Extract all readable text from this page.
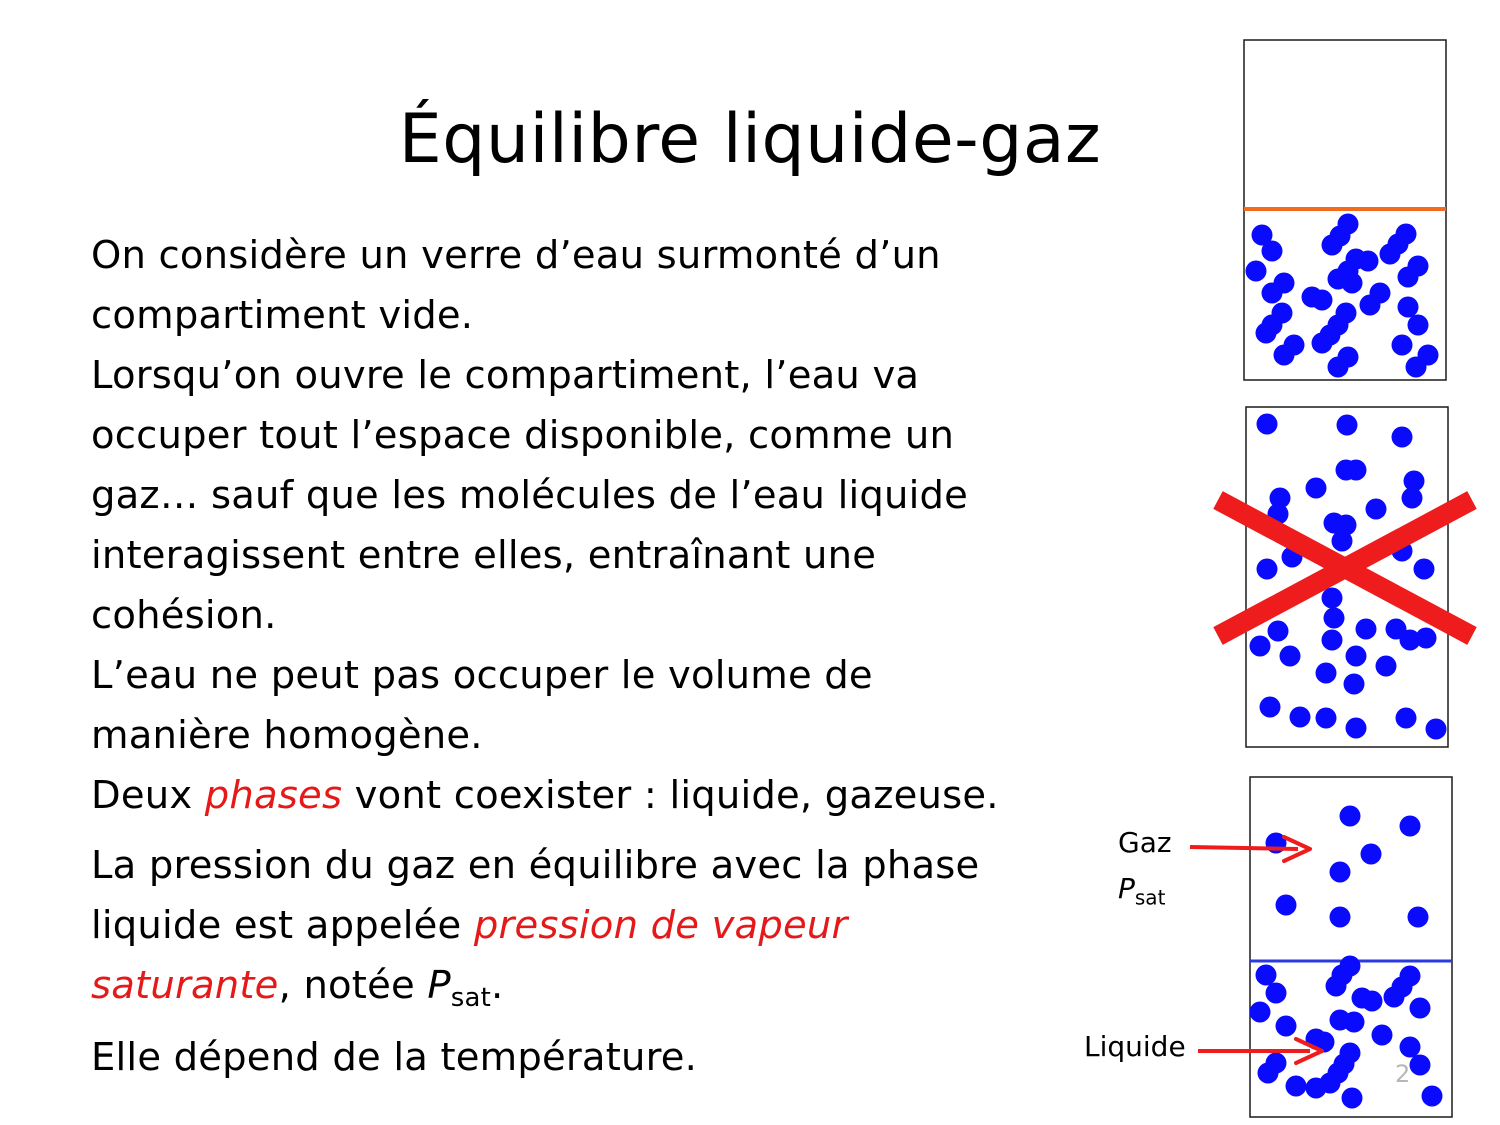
Équilibre liquide-gaz

On considère un verre d’eau surmonté d’un

compartiment vide.

Lorsqu’on ouvre le compartiment, l’eau va

occuper tout l’espace disponible, comme un

gaz… sauf que les molécules de l’eau liquide

interagissent entre elles, entraînant une

cohésion.

L’eau ne peut pas occuper le volume de

manière homogène.

Deux phases vont coexister : liquide, gazeuse.

La pression du gaz en équilibre avec la phase

liquide est appelée pression de vapeur

saturante, notée $P_{sat}$.

Elle dépend de la température.

Gaz
$P_{sat}$
Liquide
2
